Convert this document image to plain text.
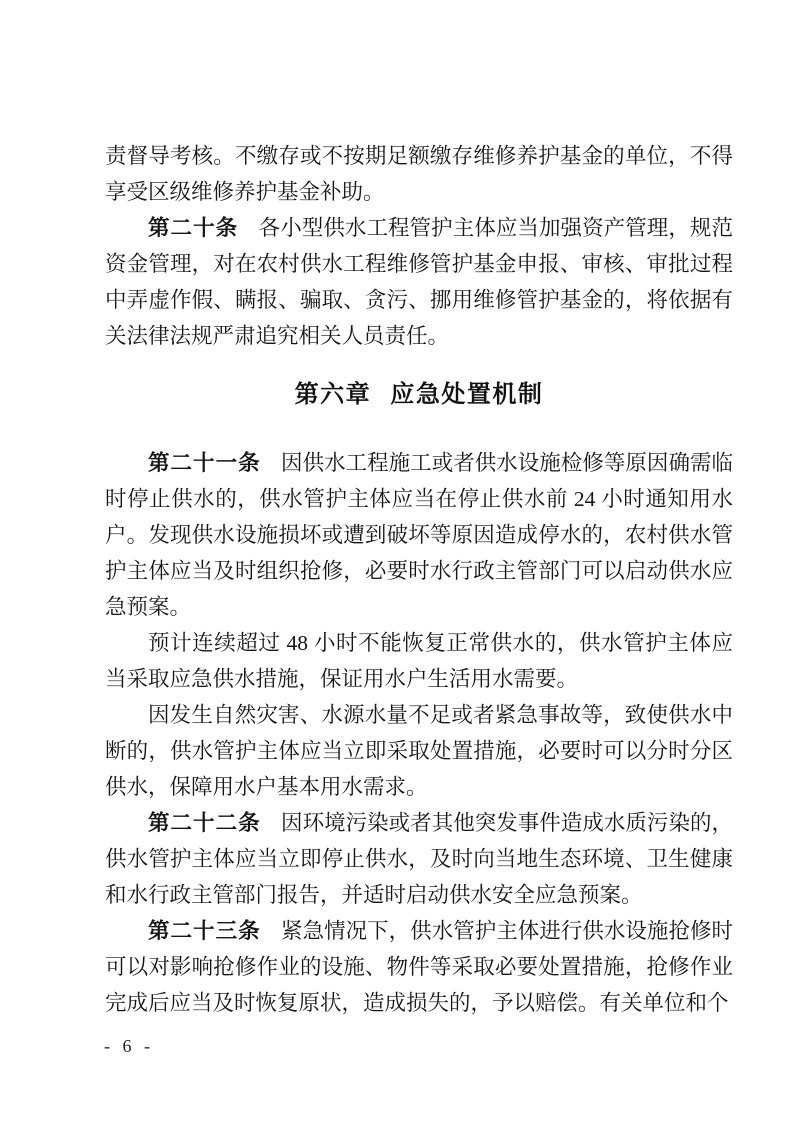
责督导考核。不缴存或不按期足额缴存维修养护基金的单位，不得享受区级维修养护基金补助。

第二十条 各小型供水工程管护主体应当加强资产管理，规范资金管理，对在农村供水工程维修管护基金申报、审核、审批过程中弄虚作假、瞒报、骗取、贪污、挪用维修管护基金的，将依据有关法律法规严肃追究相关人员责任。

第六章 应急处置机制

第二十一条 因供水工程施工或者供水设施检修等原因确需临时停止供水的，供水管护主体应当在停止供水前 24 小时通知用水户。发现供水设施损坏或遭到破坏等原因造成停水的，农村供水管护主体应当及时组织抢修，必要时水行政主管部门可以启动供水应急预案。

预计连续超过 48 小时不能恢复正常供水的，供水管护主体应当采取应急供水措施，保证用水户生活用水需要。

因发生自然灾害、水源水量不足或者紧急事故等，致使供水中断的，供水管护主体应当立即采取处置措施，必要时可以分时分区供水，保障用水户基本用水需求。

第二十二条 因环境污染或者其他突发事件造成水质污染的，供水管护主体应当立即停止供水，及时向当地生态环境、卫生健康和水行政主管部门报告，并适时启动供水安全应急预案。

第二十三条 紧急情况下，供水管护主体进行供水设施抢修时可以对影响抢修作业的设施、物件等采取必要处置措施，抢修作业完成后应当及时恢复原状，造成损失的，予以赔偿。有关单位和个

- 6 -
